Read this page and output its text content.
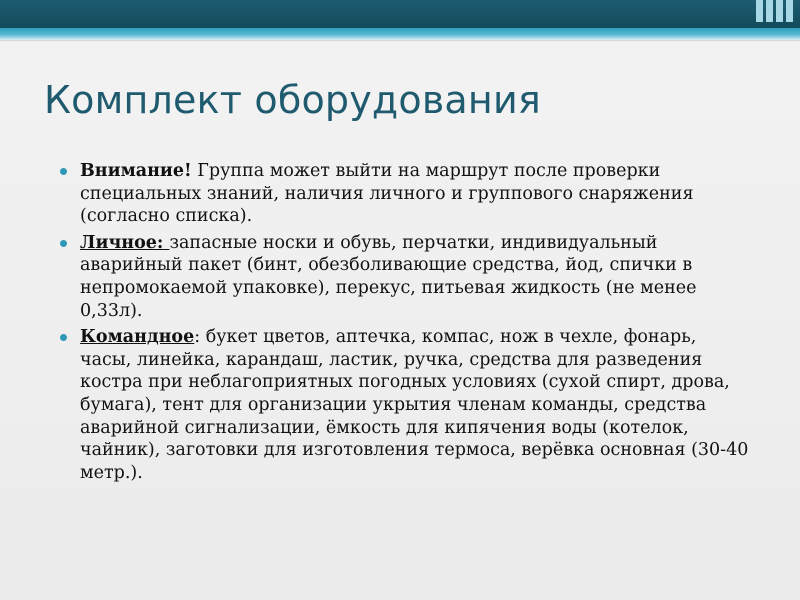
Комплект оборудования
Внимание! Группа может выйти на маршрут после проверки специальных знаний, наличия личного и группового снаряжения (согласно списка).
Личное: запасные носки и обувь, перчатки, индивидуальный аварийный пакет (бинт, обезболивающие средства, йод, спички в непромокаемой упаковке), перекус, питьевая жидкость (не менее 0,33л).
Командное: букет цветов, аптечка, компас, нож в чехле, фонарь, часы, линейка, карандаш, ластик, ручка, средства для разведения костра при неблагоприятных погодных условиях (сухой спирт, дрова, бумага), тент для организации укрытия членам команды, средства аварийной сигнализации, ёмкость для кипячения воды (котелок, чайник), заготовки для изготовления термоса, верёвка основная (30-40 метр.).
